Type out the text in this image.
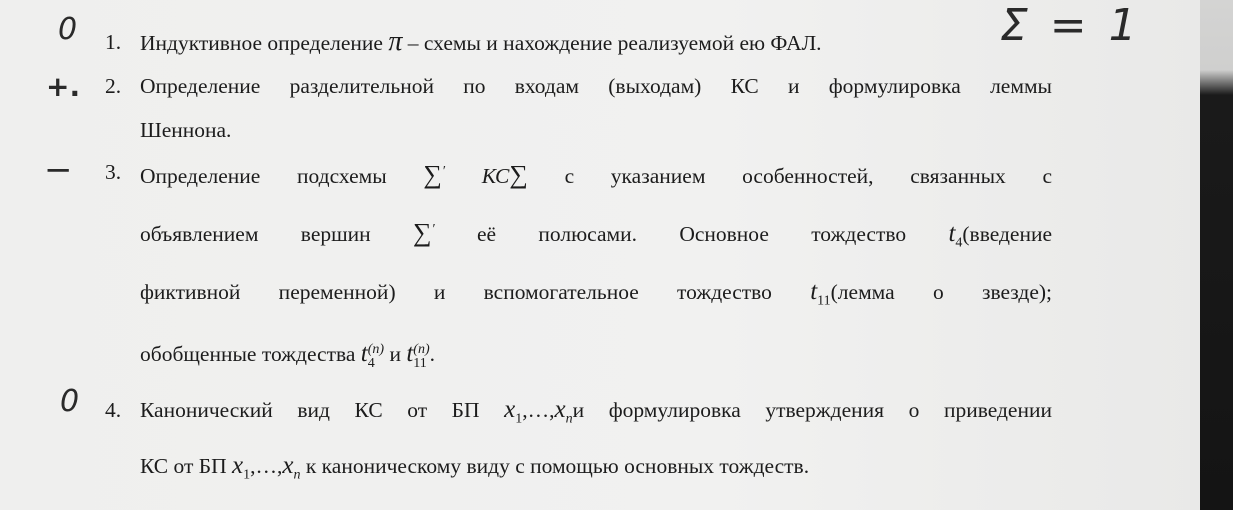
0
+.
−
0
Σ = 1
1. Индуктивное определение π – схемы и нахождение реализуемой ею ФАЛ.
2. Определение разделительной по входам (выходам) КС и формулировка леммы
Шеннона.
3. Определение подсхемы ∑′ КС∑ с указанием особенностей, связанных с
объявлением вершин ∑′ её полюсами. Основное тождество $t_4(введение$
фиктивной переменной) и вспомогательное тождество $t_{11}(лемма$ о звезде);
обобщенные тождества t (n)
4 и t (n)
11 .
4. Канонический вид КС от БП $x_1,\dots,x_nи$ формулировка утверждения о приведении
КС от БП $x_1,\dots,x_n$ к каноническому виду с помощью основных тождеств.
